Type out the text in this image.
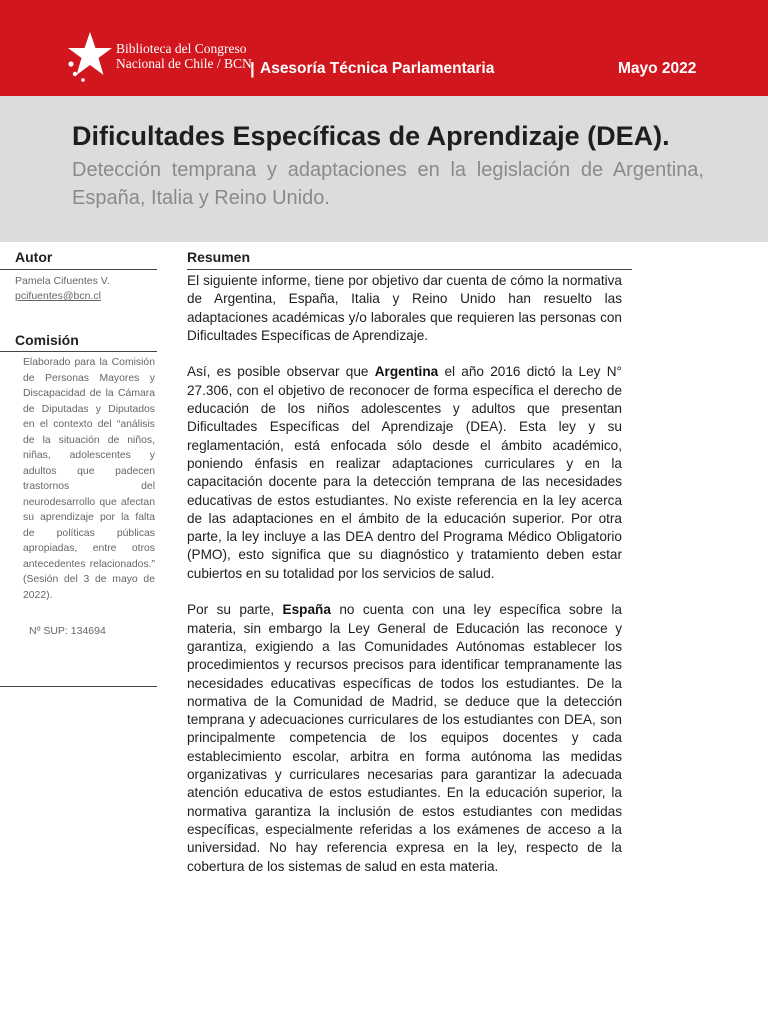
Biblioteca del Congreso
Nacional de Chile / BCN
| Asesoría Técnica Parlamentaria	Mayo 2022
Dificultades Específicas de Aprendizaje (DEA).
Detección temprana y adaptaciones en la legislación de Argentina, España, Italia y Reino Unido.
Autor
Pamela Cifuentes V.
pcifuentes@bcn.cl
Comisión
Elaborado para la Comisión de Personas Mayores y Discapacidad de la Cámara de Diputadas y Diputados en el contexto del “análisis de la situación de niños, niñas, adolescentes y adultos que padecen trastornos del neurodesarrollo que afectan su aprendizaje por la falta de políticas públicas apropiadas, entre otros antecedentes relacionados.” (Sesión del 3 de mayo de 2022).
Nº SUP: 134694
Resumen

El siguiente informe, tiene por objetivo dar cuenta de cómo la normativa de Argentina, España, Italia y Reino Unido han resuelto las adaptaciones académicas y/o laborales que requieren las personas con Dificultades Específicas de Aprendizaje.

Así, es posible observar que Argentina el año 2016 dictó la Ley N° 27.306, con el objetivo de reconocer de forma específica el derecho de educación de los niños adolescentes y adultos que presentan Dificultades Específicas del Aprendizaje (DEA). Esta ley y su reglamentación, está enfocada sólo desde el ámbito académico, poniendo énfasis en realizar adaptaciones curriculares y en la capacitación docente para la detección temprana de las necesidades educativas de estos estudiantes. No existe referencia en la ley acerca de las adaptaciones en el ámbito de la educación superior. Por otra parte, la ley incluye a las DEA dentro del Programa Médico Obligatorio (PMO), esto significa que su diagnóstico y tratamiento deben estar cubiertos en su totalidad por los servicios de salud.

Por su parte, España no cuenta con una ley específica sobre la materia, sin embargo la Ley General de Educación las reconoce y garantiza, exigiendo a las Comunidades Autónomas establecer los procedimientos y recursos precisos para identificar tempranamente las necesidades educativas específicas de todos los estudiantes. De la normativa de la Comunidad de Madrid, se deduce que la detección temprana y adecuaciones curriculares de los estudiantes con DEA, son principalmente competencia de los equipos docentes y cada establecimiento escolar, arbitra en forma autónoma las medidas organizativas y curriculares necesarias para garantizar la adecuada atención educativa de estos estudiantes. En la educación superior, la normativa garantiza la inclusión de estos estudiantes con medidas específicas, especialmente referidas a los exámenes de acceso a la universidad. No hay referencia expresa en la ley, respecto de la cobertura de los sistemas de salud en esta materia.
